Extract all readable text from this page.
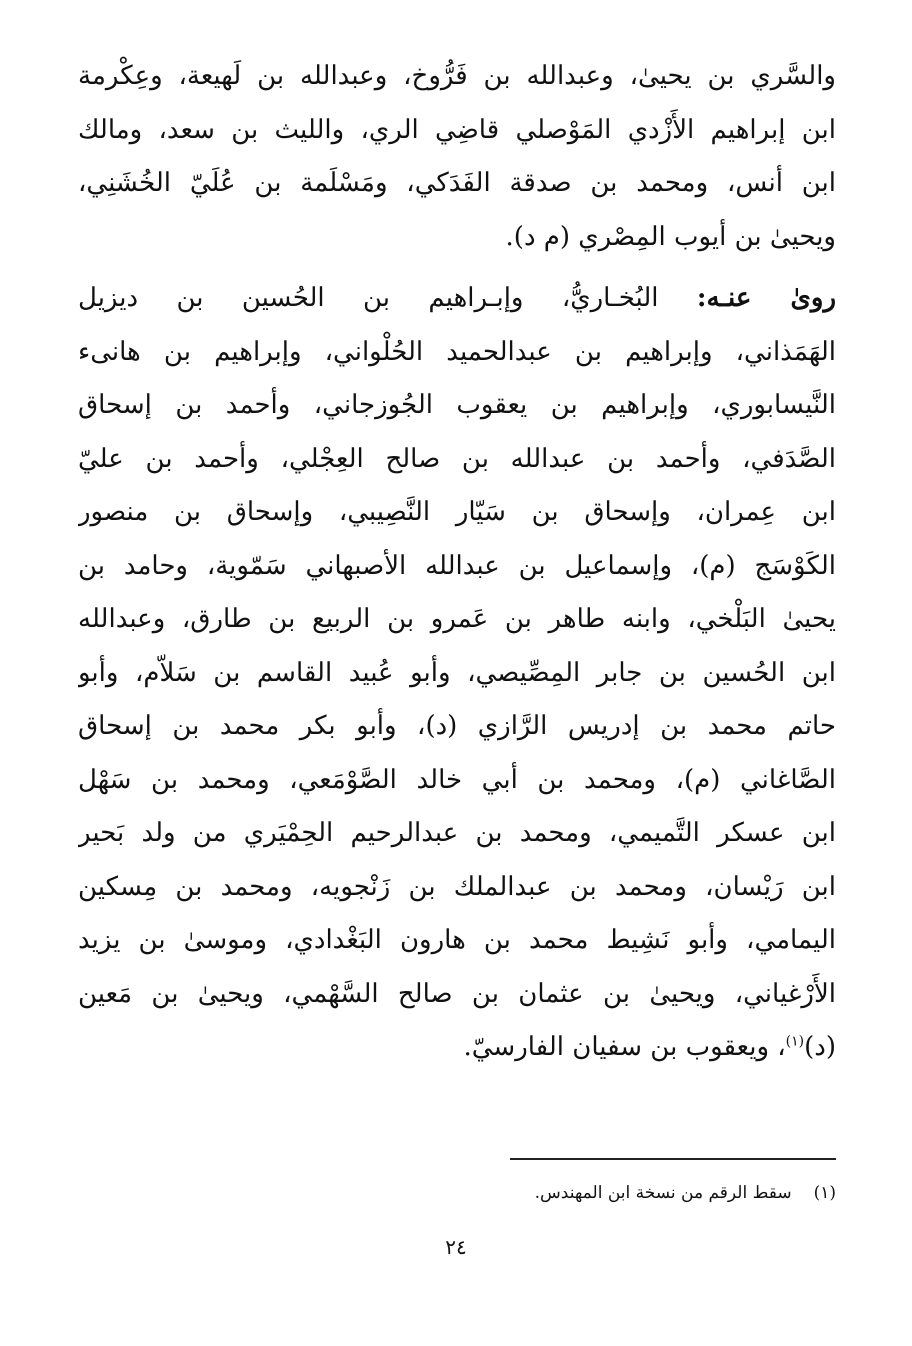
والسَّري بن يحيىٰ، وعبدالله بن فَرُّوخ، وعبدالله بن لَهيعة، وعِكْرمة
ابن إبراهيم الأَزْدي المَوْصلي قاضِي الري، والليث بن سعد، ومالك
ابن أنس، ومحمد بن صدقة الفَدَكي، ومَسْلَمة بن عُلَيّ الخُشَنِي،
ويحيىٰ بن أيوب المِصْري (م د).
روىٰ عنـه: البُخـاريُّ، وإبـراهيم بن الحُسين بن ديزيل
الهَمَذاني، وإبراهيم بن عبدالحميد الحُلْواني، وإبراهيم بن هانىء
النَّيسابوري، وإبراهيم بن يعقوب الجُوزجاني، وأحمد بن إسحاق
الصَّدَفي، وأحمد بن عبدالله بن صالح العِجْلي، وأحمد بن عليّ
ابن عِمران، وإسحاق بن سَيّار النَّصِيبي، وإسحاق بن منصور
الكَوْسَج (م)، وإسماعيل بن عبدالله الأصبهاني سَمّوية، وحامد بن
يحيىٰ البَلْخي، وابنه طاهر بن عَمرو بن الربيع بن طارق، وعبدالله
ابن الحُسين بن جابر المِصِّيصي، وأبو عُبيد القاسم بن سَلاّم، وأبو
حاتم محمد بن إدريس الرَّازي (د)، وأبو بكر محمد بن إسحاق
الصَّاغاني (م)، ومحمد بن أبي خالد الصَّوْمَعي، ومحمد بن سَهْل
ابن عسكر التَّميمي، ومحمد بن عبدالرحيم الحِمْيَري من ولد بَحير
ابن رَيْسان، ومحمد بن عبدالملك بن زَنْجويه، ومحمد بن مِسكين
اليمامي، وأبو نَشِيط محمد بن هارون البَغْدادي، وموسىٰ بن يزيد
الأَرْغياني، ويحيىٰ بن عثمان بن صالح السَّهْمي، ويحيىٰ بن مَعين
(د)$^{(١)}$، ويعقوب بن سفيان الفارسيّ.
(١)سقط الرقم من نسخة ابن المهندس.
٢٤
